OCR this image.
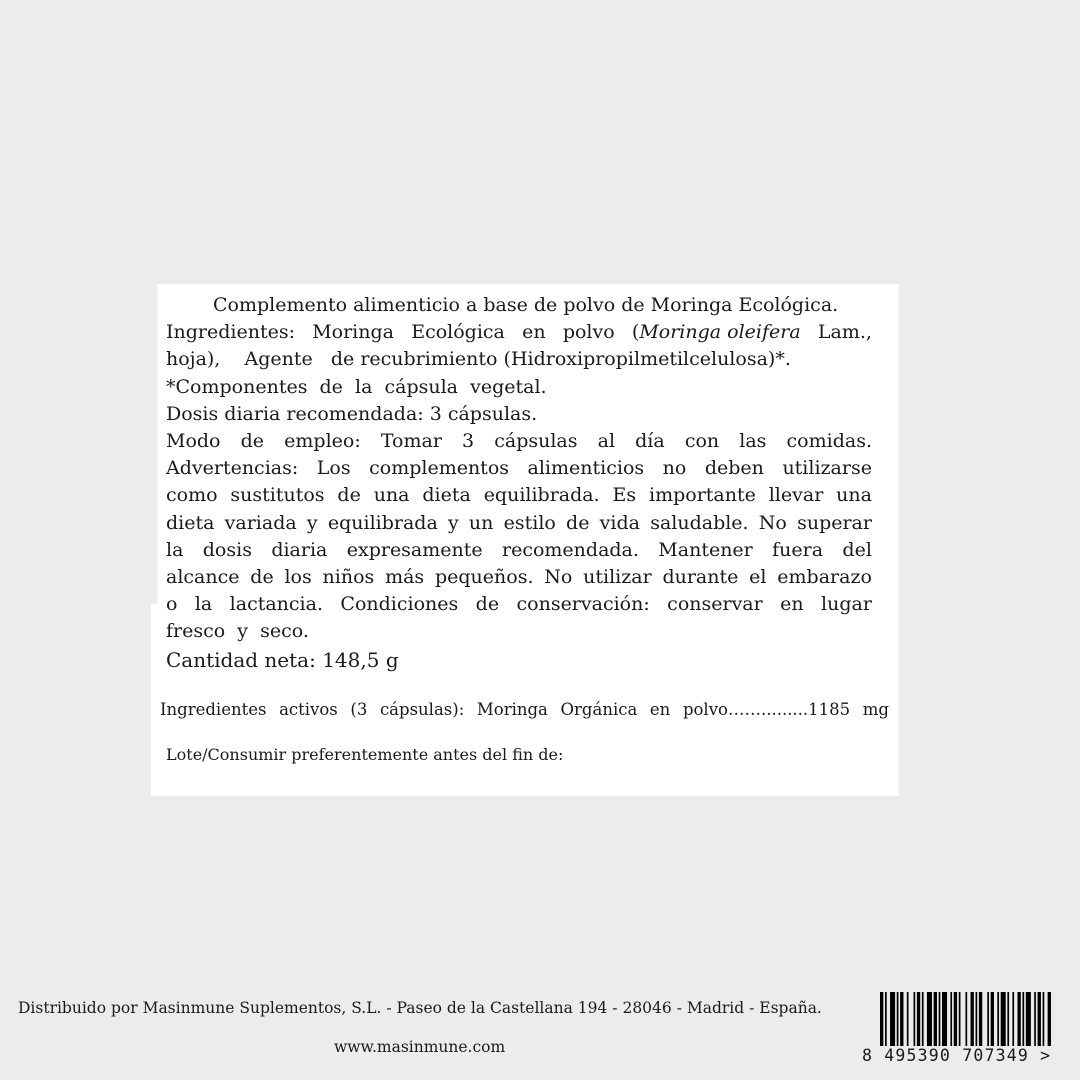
Complemento alimenticio a base de polvo de Moringa Ecológica.
Ingredientes: Moringa Ecológica en polvo (Moringa oleifera Lam.,
hoja),    Agente   de recubrimiento (Hidroxipropilmetilcelulosa)*.
*Componentes  de  la  cápsula  vegetal.
Dosis diaria recomendada: 3 cápsulas.
Modo de empleo: Tomar 3 cápsulas al día con las comidas.
Advertencias: Los complementos alimenticios no deben utilizarse
como sustitutos de una dieta equilibrada. Es importante llevar una
dieta variada y equilibrada y un estilo de vida saludable. No superar
la dosis diaria expresamente recomendada. Mantener fuera del
alcance de los niños más pequeños. No utilizar durante el embarazo
o la lactancia. Condiciones de conservación: conservar en lugar
fresco  y  seco.
Cantidad neta: 148,5 g
Ingredientes activos (3 cápsulas): Moringa Orgánica en polvo…….........1185 mg
Lote/Consumir preferentemente antes del fin de:
Distribuido por Masinmune Suplementos, S.L. - Paseo de la Castellana 194 - 28046 - Madrid - España.
www.masinmune.com	8 495390 707349 >
